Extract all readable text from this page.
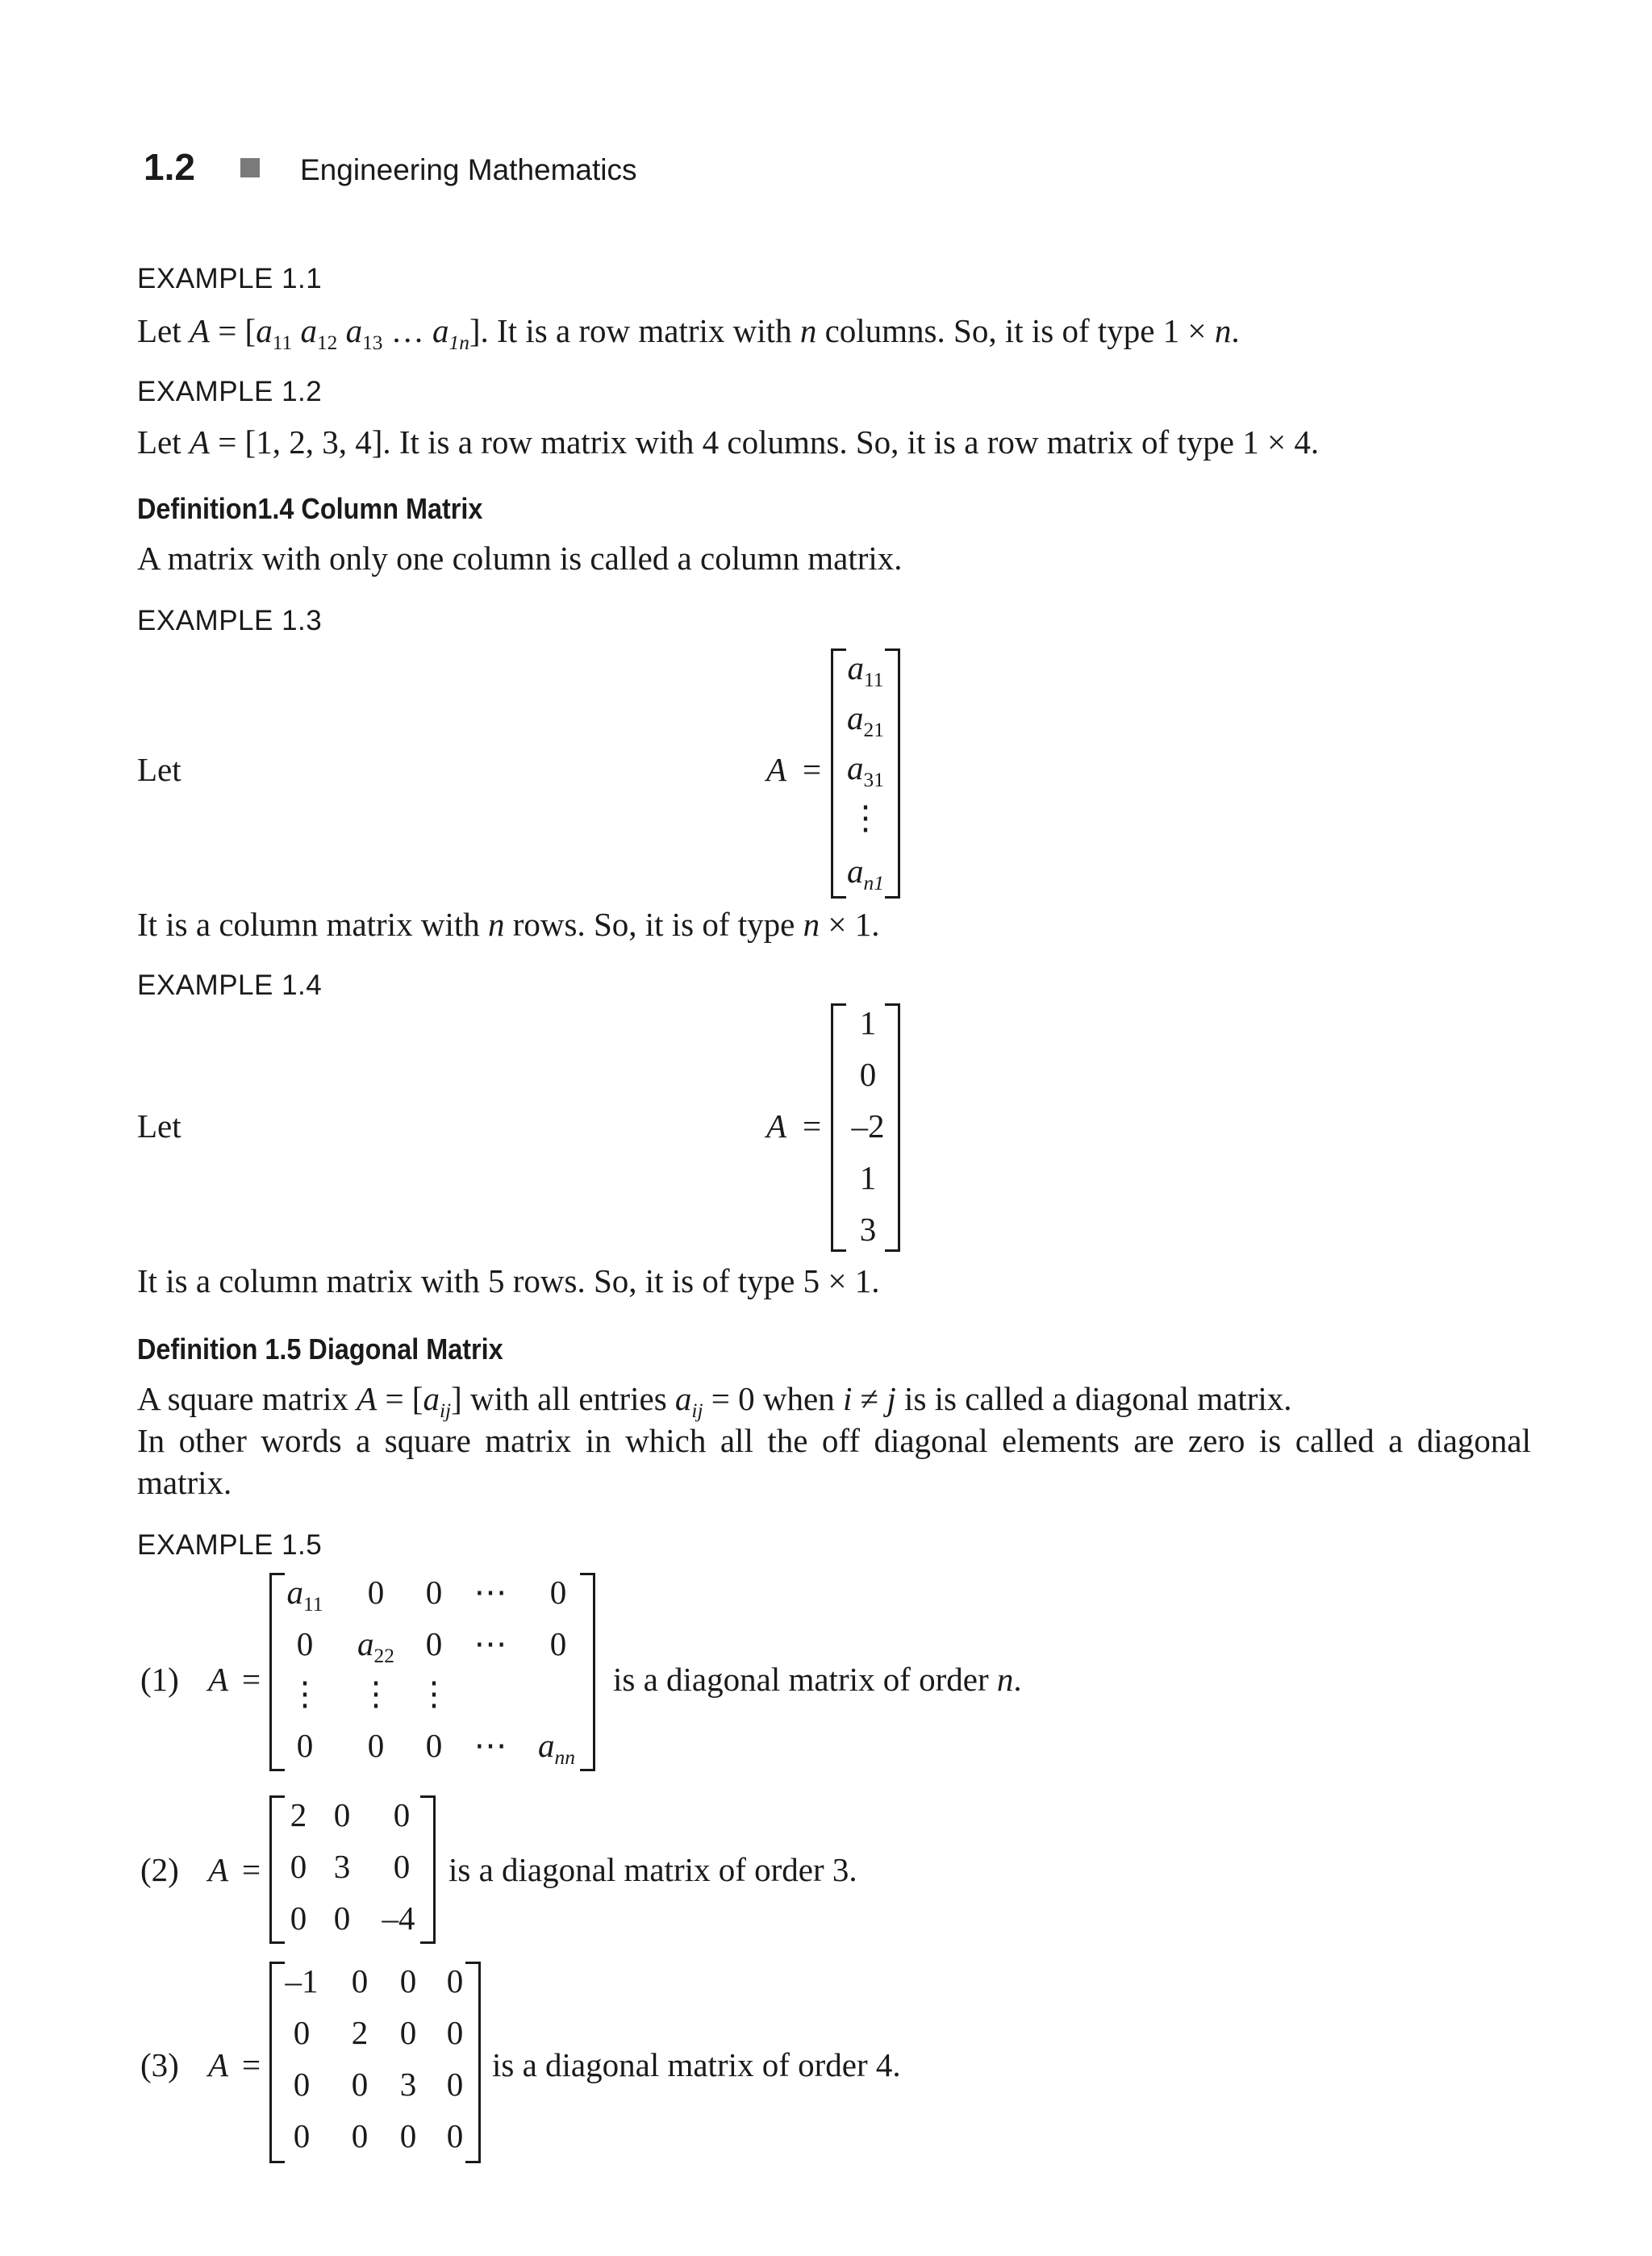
1.2	Engineering Mathematics
EXAMPLE 1.1
Let $A = [a_{11}$ $a_{12}$ $a_{13}$ … $a_{1n}$]. It is a row matrix with n columns. So, it is of type 1 × n.
EXAMPLE 1.2
Let A = [1, 2, 3, 4]. It is a row matrix with 4 columns. So, it is a row matrix of type 1 × 4.
Definition1.4 Column Matrix
A matrix with only one column is called a column matrix.
EXAMPLE 1.3
Let	A =
$a_{11}$
$a_{21}$
$a_{31}$
⋮
$a_{n1}$
It is a column matrix with n rows. So, it is of type n × 1.
EXAMPLE 1.4
Let	A =
1
0
–2
1
3
It is a column matrix with 5 rows. So, it is of type 5 × 1.
Definition 1.5 Diagonal Matrix
A square matrix $A = [a_{ij}]$ with all entries $a_{ij} = 0$ when i ≠ j is is called a diagonal matrix.
In other words a square matrix in which all the off diagonal elements are zero is called a diagonal
matrix.
EXAMPLE 1.5
(1) A =
$a_{11}$ 0 0 ⋯ 0
0 $a_{22}$ 0 ⋯ 0
⋮ ⋮ ⋮
0 0 0 ⋯ $a_{nn}$
is a diagonal matrix of order n.
(2) A =
2 0 0
0 3 0
0 0 –4
is a diagonal matrix of order 3.
(3) A =
–1 0 0 0
0 2 0 0
0 0 3 0
0 0 0 0
is a diagonal matrix of order 4.
